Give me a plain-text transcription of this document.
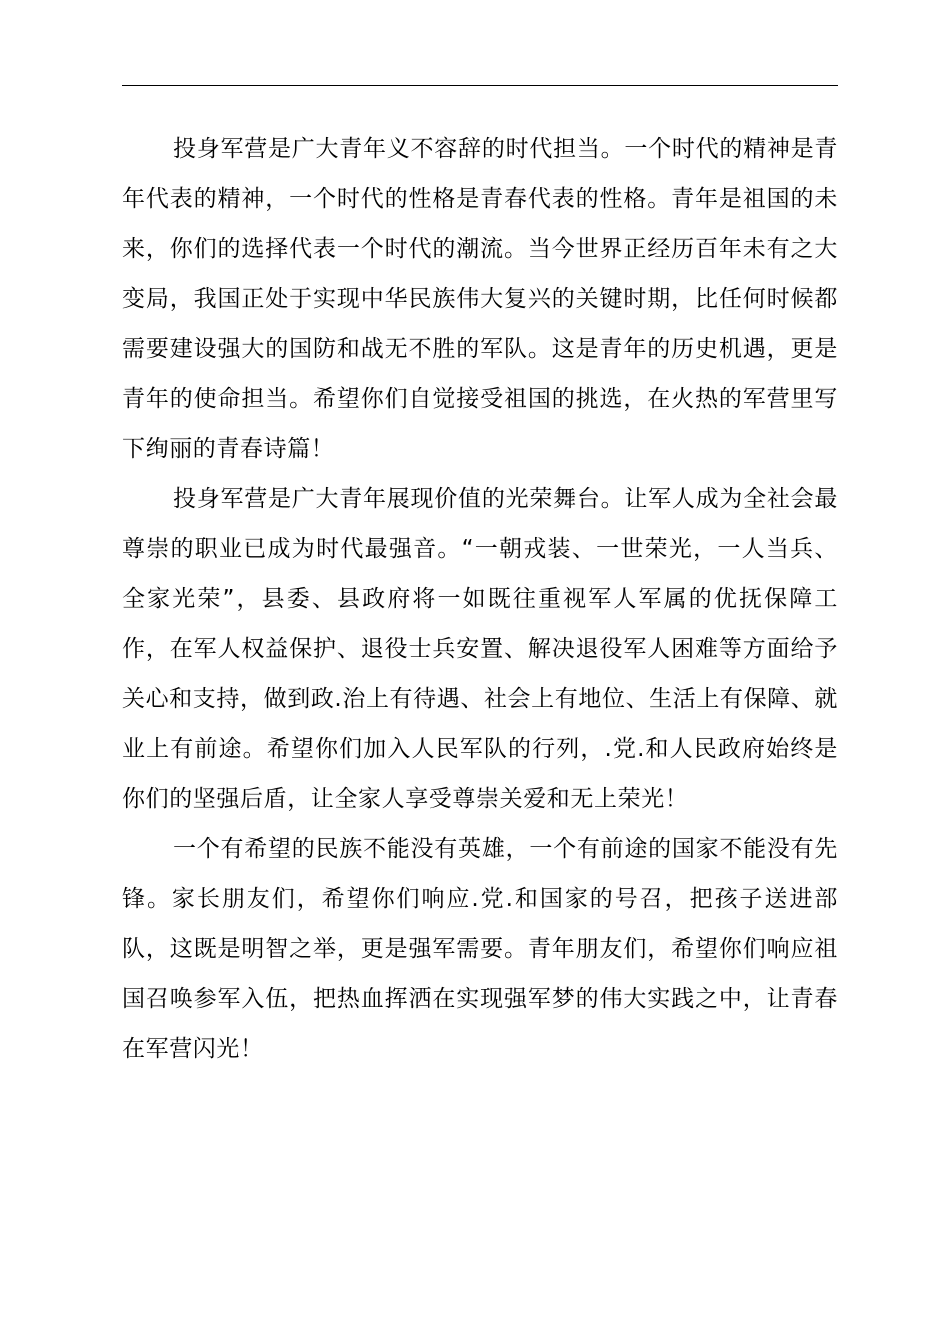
投身军营是广大青年义不容辞的时代担当。一个时代的精神是青年代表的精神，一个时代的性格是青春代表的性格。青年是祖国的未来，你们的选择代表一个时代的潮流。当今世界正经历百年未有之大变局，我国正处于实现中华民族伟大复兴的关键时期，比任何时候都需要建设强大的国防和战无不胜的军队。这是青年的历史机遇，更是青年的使命担当。希望你们自觉接受祖国的挑选，在火热的军营里写下绚丽的青春诗篇！

投身军营是广大青年展现价值的光荣舞台。让军人成为全社会最尊崇的职业已成为时代最强音。“一朝戎装、一世荣光，一人当兵、全家光荣”，县委、县政府将一如既往重视军人军属的优抚保障工作，在军人权益保护、退役士兵安置、解决退役军人困难等方面给予关心和支持，做到政.治上有待遇、社会上有地位、生活上有保障、就业上有前途。希望你们加入人民军队的行列，.党.和人民政府始终是你们的坚强后盾，让全家人享受尊崇关爱和无上荣光！

一个有希望的民族不能没有英雄，一个有前途的国家不能没有先锋。家长朋友们，希望你们响应.党.和国家的号召，把孩子送进部队，这既是明智之举，更是强军需要。青年朋友们，希望你们响应祖国召唤参军入伍，把热血挥洒在实现强军梦的伟大实践之中，让青春在军营闪光！
